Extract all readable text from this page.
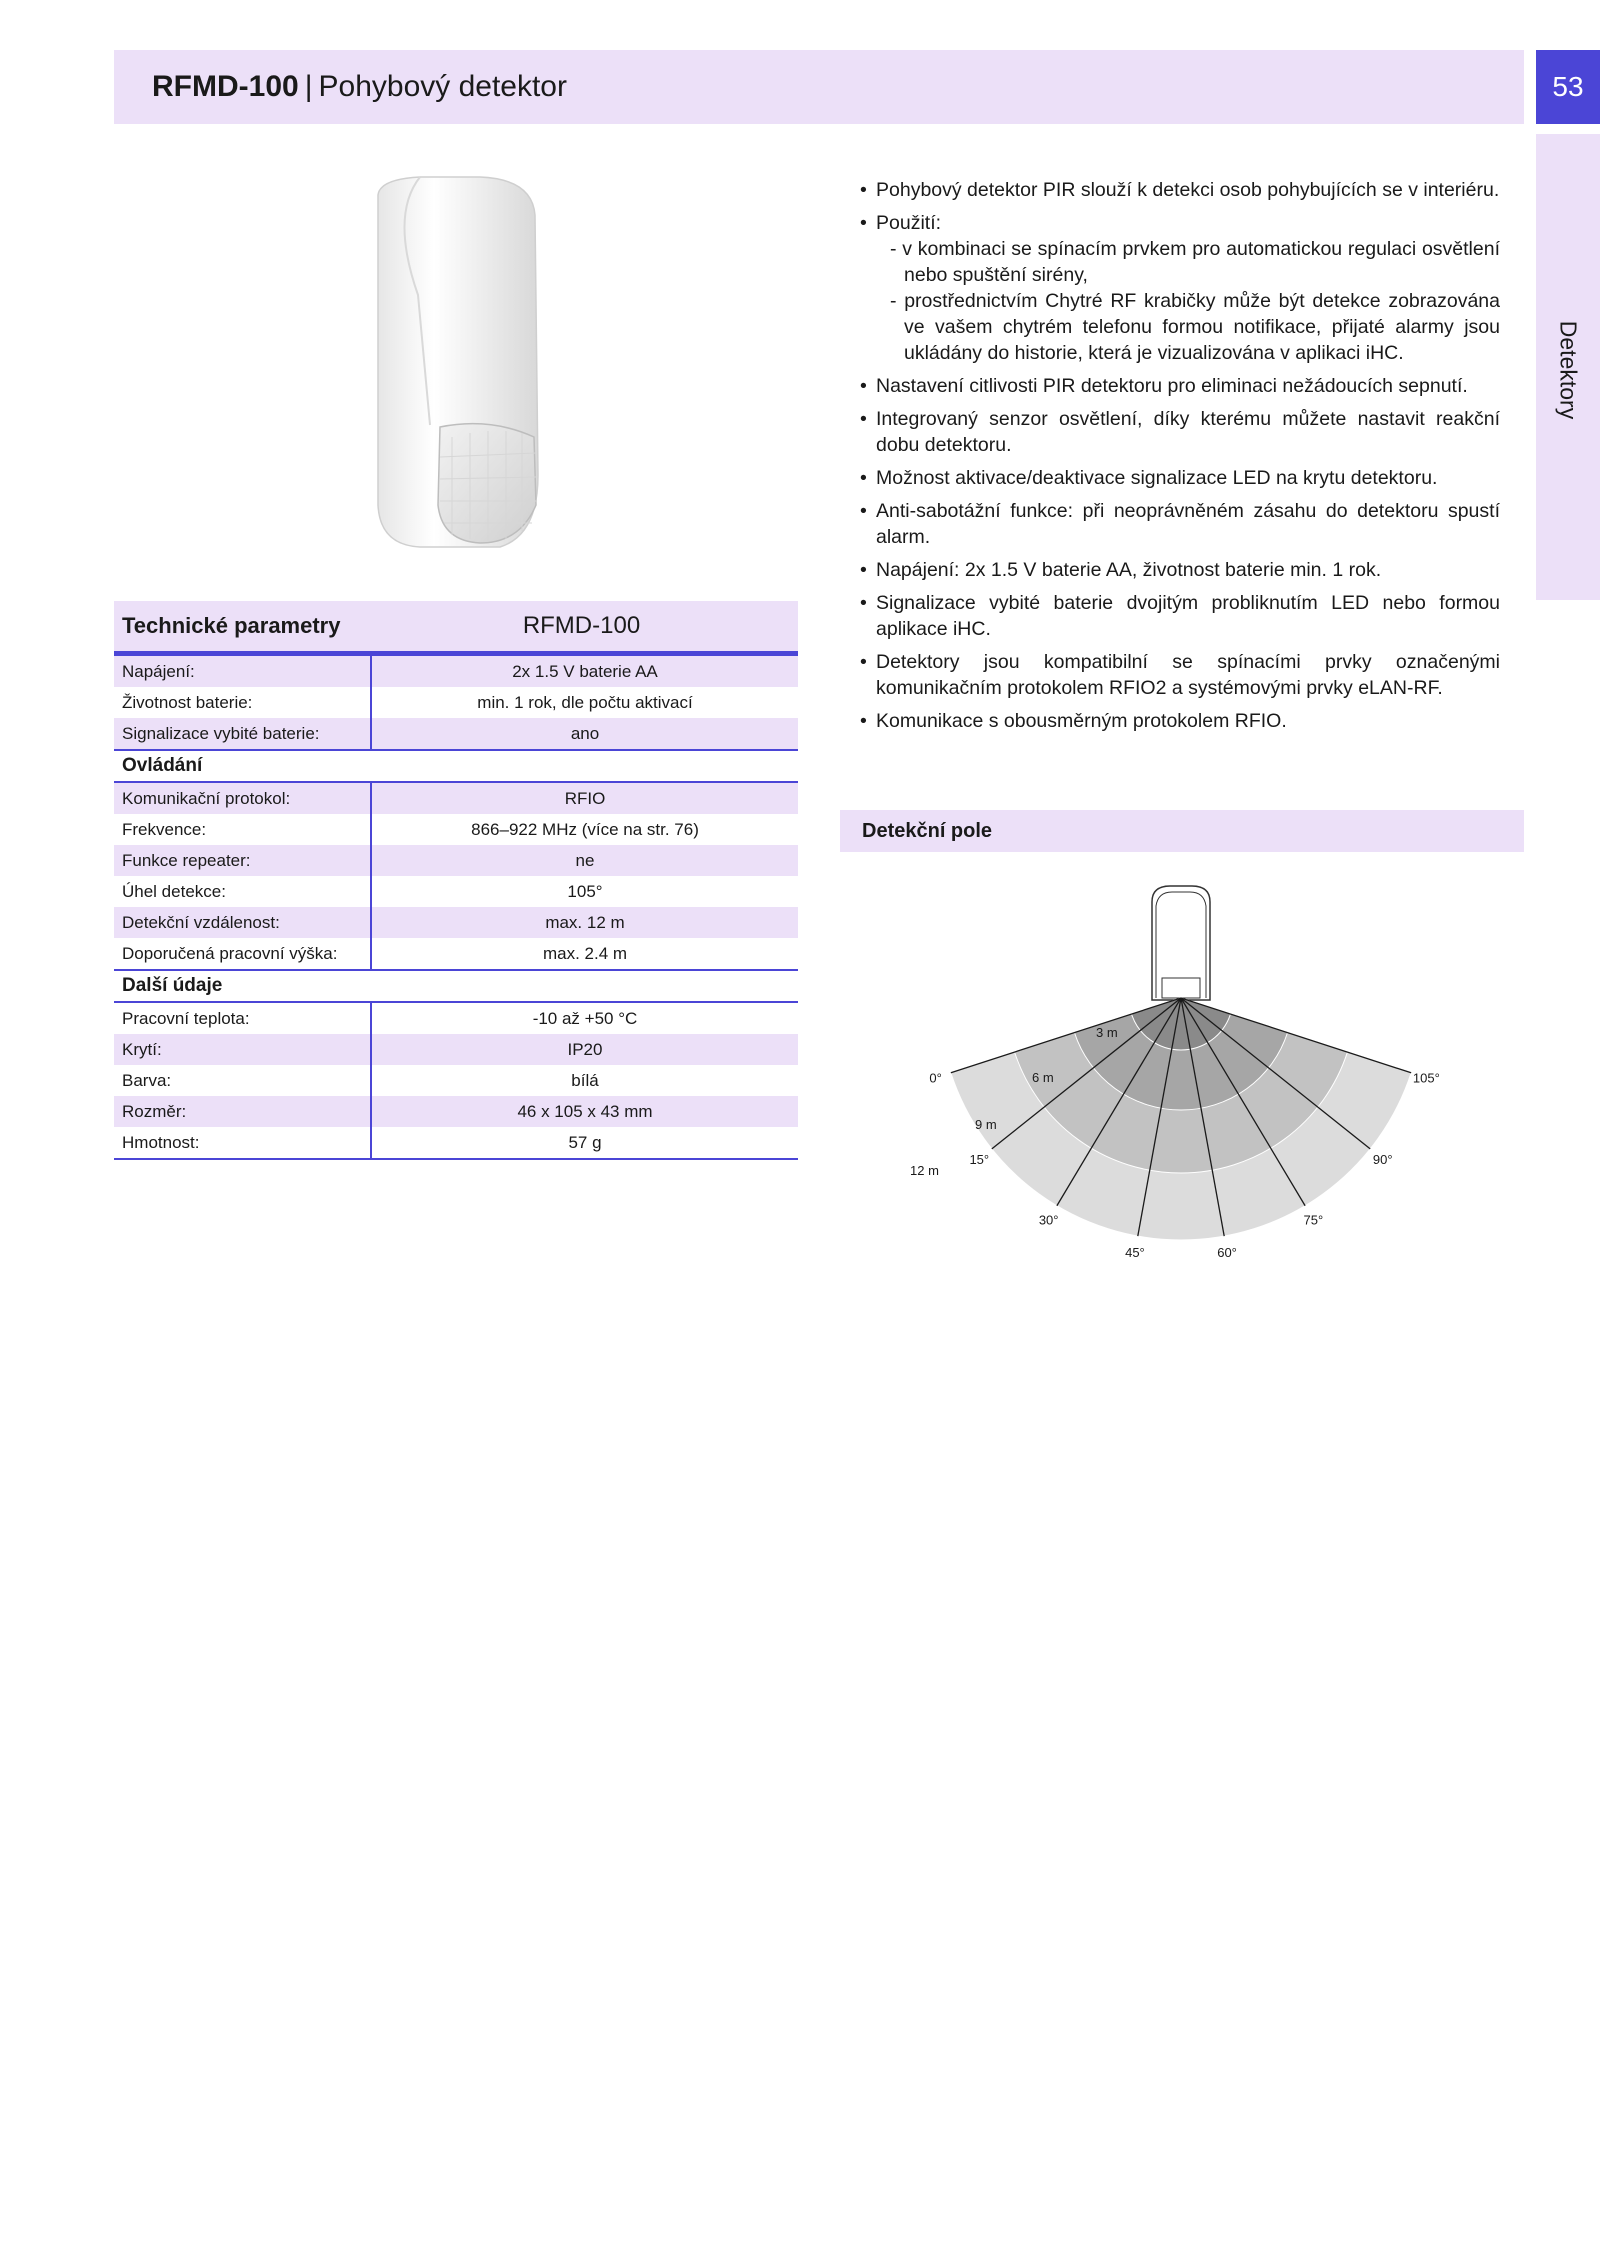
RFMD-100 | Pohybový detektor	53
Detektory
Technické parametry	RFMD-100
Napájení:	2x 1.5 V baterie AA
Životnost baterie:	min. 1 rok, dle počtu aktivací
Signalizace vybité baterie:	ano
Ovládání
Komunikační protokol:	RFIO
Frekvence:	866–922 MHz (více na str. 76)
Funkce repeater:	ne
Úhel detekce:	105°
Detekční vzdálenost:	max. 12 m
Doporučená pracovní výška:	max. 2.4 m
Další údaje
Pracovní teplota:	-10 až +50 °C
Krytí:	IP20
Barva:	bílá
Rozměr:	46 x 105 x 43 mm
Hmotnost:	57 g
• Pohybový detektor PIR slouží k detekci osob pohybujících se v interiéru.
• Použití:
- v kombinaci se spínacím prvkem pro automatickou regulaci osvětlení nebo spuštění sirény,
- prostřednictvím Chytré RF krabičky může být detekce zobrazována ve vašem chytrém telefonu formou notifikace, přijaté alarmy jsou ukládány do historie, která je vizualizována v aplikaci iHC.
• Nastavení citlivosti PIR detektoru pro eliminaci nežádoucích sepnutí.
• Integrovaný senzor osvětlení, díky kterému můžete nastavit reakční dobu detektoru.
• Možnost aktivace/deaktivace signalizace LED na krytu detektoru.
• Anti-sabotážní funkce: při neoprávněném zásahu do detektoru spustí alarm.
• Napájení: 2x 1.5 V baterie AA, životnost baterie min. 1 rok.
• Signalizace vybité baterie dvojitým probliknutím LED nebo formou aplikace iHC.
• Detektory jsou kompatibilní se spínacími prvky označenými komunikačním protokolem RFIO2 a systémovými prvky eLAN-RF.
• Komunikace s obousměrným protokolem RFIO.
Detekční pole
3 m
6 m
9 m
12 m
0°
15°
30°
45°	60°
75°
90°
105°
